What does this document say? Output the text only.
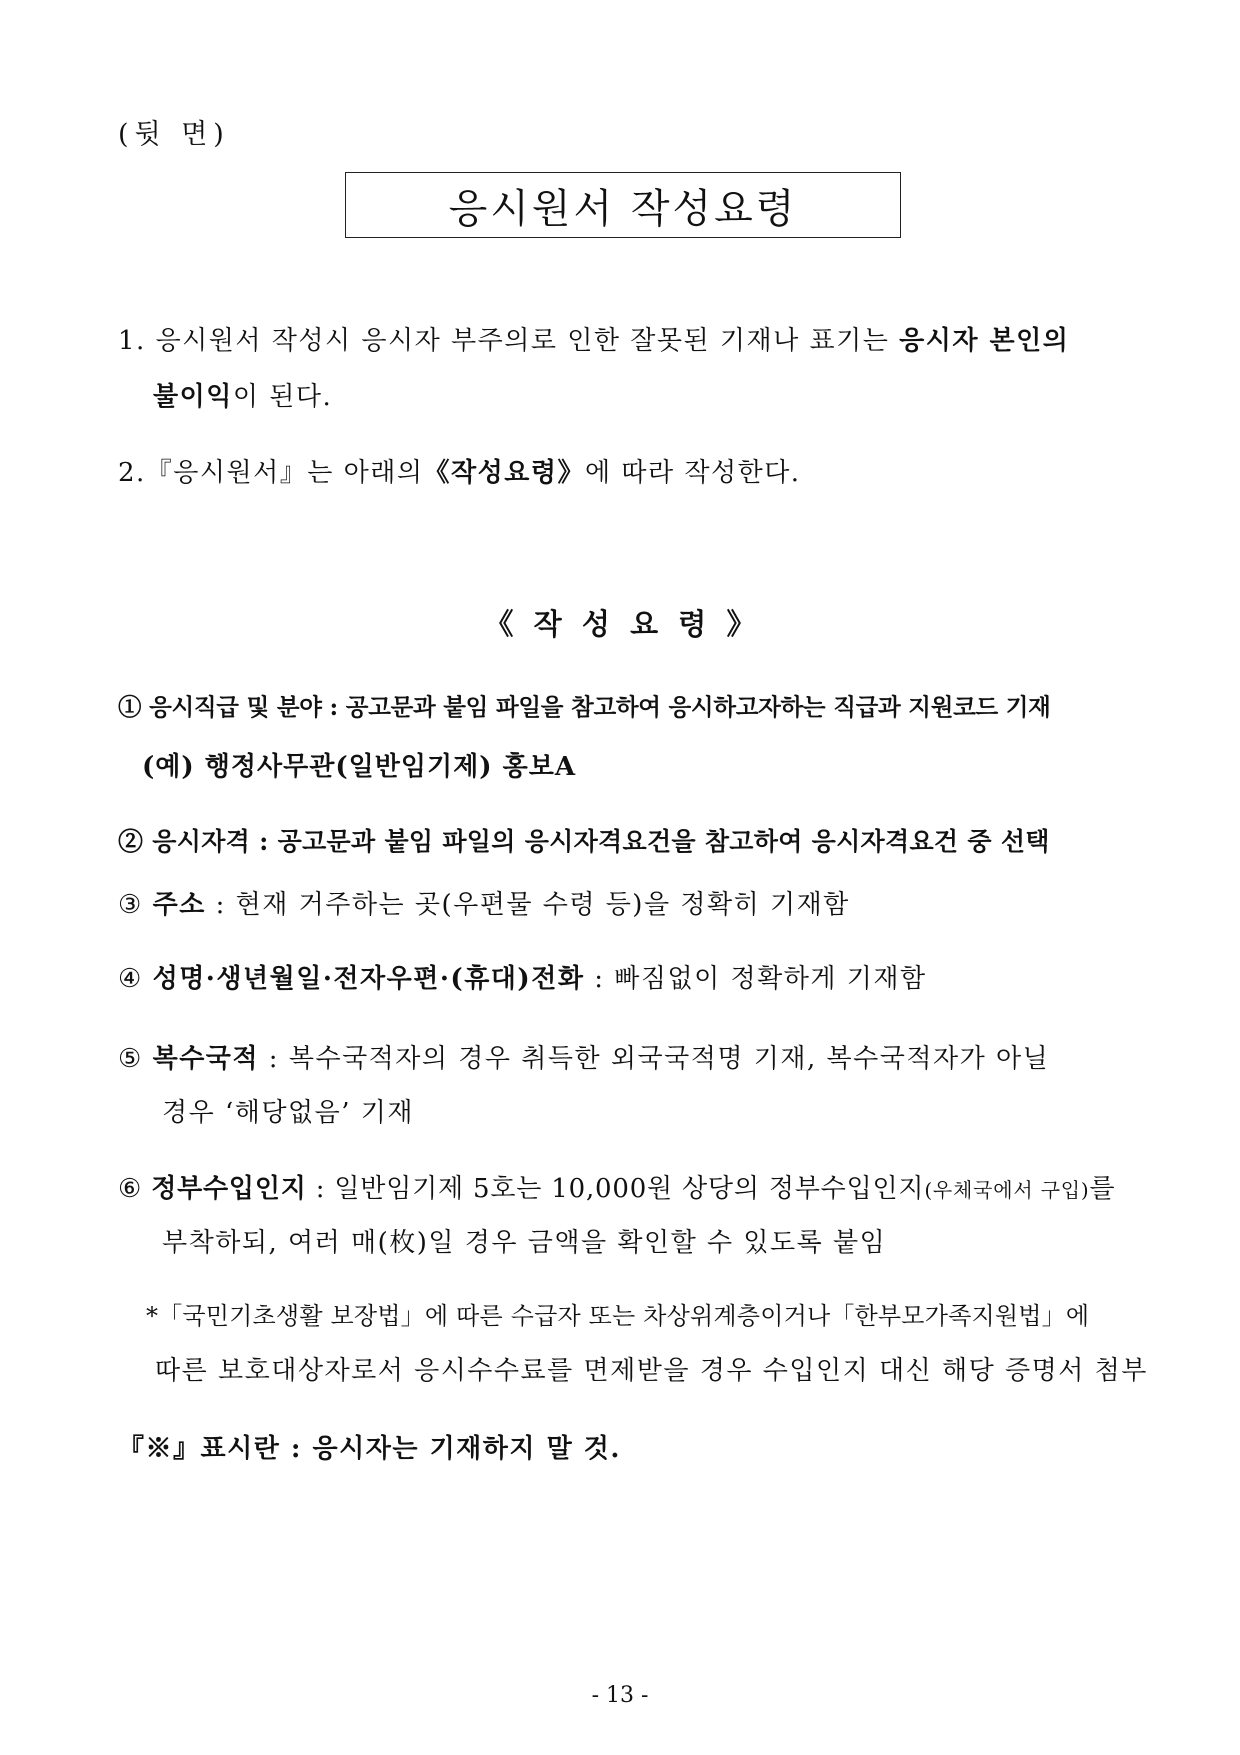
(뒷 면)
응시원서 작성요령
1. 응시원서 작성시 응시자 부주의로 인한 잘못된 기재나 표기는 응시자 본인의
불이익이 된다.
2.『응시원서』는 아래의《작성요령》에 따라 작성한다.
《  작  성  요  령  》
① 응시직급 및 분야 : 공고문과 붙임 파일을 참고하여 응시하고자하는 직급과 지원코드 기재
(예) 행정사무관(일반임기제) 홍보A
② 응시자격 : 공고문과 붙임 파일의 응시자격요건을 참고하여 응시자격요건 중 선택
③ 주소 : 현재 거주하는 곳(우편물 수령 등)을 정확히 기재함
④ 성명·생년월일·전자우편·(휴대)전화 : 빠짐없이 정확하게 기재함
⑤ 복수국적 : 복수국적자의 경우 취득한 외국국적명 기재, 복수국적자가 아닐
경우 ‘해당없음’ 기재
⑥ 정부수입인지 : 일반임기제 5호는 10,000원 상당의 정부수입인지(우체국에서 구입)를
부착하되, 여러 매(枚)일 경우 금액을 확인할 수 있도록 붙임
*「국민기초생활 보장법」에 따른 수급자 또는 차상위계층이거나「한부모가족지원법」에
따른 보호대상자로서 응시수수료를 면제받을 경우 수입인지 대신 해당 증명서 첨부
『※』표시란 : 응시자는 기재하지 말 것.
- 13 -
